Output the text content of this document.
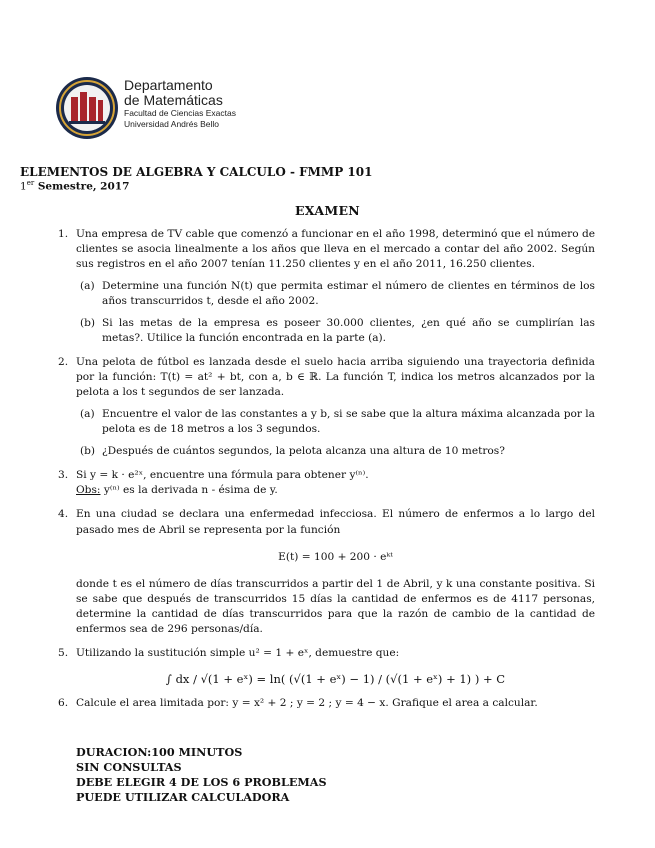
Departamento
de Matemáticas
Facultad de Ciencias Exactas
Universidad Andrés Bello
ELEMENTOS DE ALGEBRA Y CALCULO - FMMP 101
1er Semestre, 2017
EXAMEN
1. Una empresa de TV cable que comenzó a funcionar en el año 1998, determinó que el número de clientes se asocia linealmente a los años que lleva en el mercado a contar del año 2002. Según sus registros en el año 2007 tenían 11.250 clientes y en el año 2011, 16.250 clientes.
(a) Determine una función N(t) que permita estimar el número de clientes en términos de los años transcurridos t, desde el año 2002.
(b) Si las metas de la empresa es poseer 30.000 clientes, ¿en qué año se cumplirían las metas?. Utilice la función encontrada en la parte (a).
2. Una pelota de fútbol es lanzada desde el suelo hacia arriba siguiendo una trayectoria definida por la función: T(t) = at² + bt, con a, b ∈ ℝ. La función T, indica los metros alcanzados por la pelota a los t segundos de ser lanzada.
(a) Encuentre el valor de las constantes a y b, si se sabe que la altura máxima alcanzada por la pelota es de 18 metros a los 3 segundos.
(b) ¿Después de cuántos segundos, la pelota alcanza una altura de 10 metros?
3. Si y = k · e²ˣ, encuentre una fórmula para obtener y⁽ⁿ⁾.
Obs: y⁽ⁿ⁾ es la derivada n - ésima de y.
4. En una ciudad se declara una enfermedad infecciosa. El número de enfermos a lo largo del pasado mes de Abril se representa por la función
E(t) = 100 + 200 · eᵏᵗ
donde t es el número de días transcurridos a partir del 1 de Abril, y k una constante positiva. Si se sabe que después de transcurridos 15 días la cantidad de enfermos es de 4117 personas, determine la cantidad de días transcurridos para que la razón de cambio de la cantidad de enfermos sea de 296 personas/día.
5. Utilizando la sustitución simple u² = 1 + eˣ, demuestre que:
∫ dx / √(1 + eˣ) = ln( (√(1 + eˣ) − 1) / (√(1 + eˣ) + 1) ) + C
6. Calcule el area limitada por: y = x² + 2 ; y = 2 ; y = 4 − x. Grafique el area a calcular.
DURACION:100 MINUTOS
SIN CONSULTAS
DEBE ELEGIR 4 DE LOS 6 PROBLEMAS
PUEDE UTILIZAR CALCULADORA
